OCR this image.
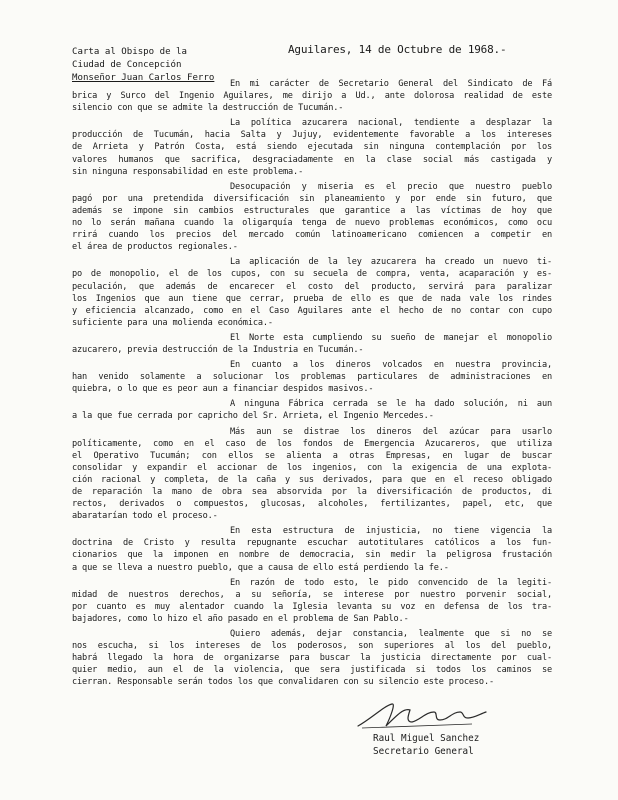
Aguilares, 14 de Octubre de 1968.-
Carta al Obispo de la
Ciudad de Concepción
Monseñor Juan Carlos Ferro
En mi carácter de Secretario General del Sindicato de Fá
brica y Surco del Ingenio Aguilares, me dirijo a Ud., ante dolorosa realidad de este
silencio con que se admite la destrucción de Tucumán.-
La política azucarera nacional, tendiente a desplazar la
producción de Tucumán, hacia Salta y Jujuy, evidentemente favorable a los intereses
de Arrieta y Patrón Costa, está siendo ejecutada sin ninguna contemplación por los
valores humanos que sacrifica, desgraciadamente en la clase social más castigada y
sin ninguna responsabilidad en este problema.-
Desocupación y miseria es el precio que nuestro pueblo
pagó por una pretendida diversificación sin planeamiento y por ende sin futuro, que
además se impone sin cambios estructurales que garantice a las víctimas de hoy que
no lo serán mañana cuando la oligarquía tenga de nuevo problemas económicos, como ocu
rrirá cuando los precios del mercado común latinoamericano comiencen a competir en
el área de productos regionales.-
La aplicación de la ley azucarera ha creado un nuevo ti-
po de monopolio, el de los cupos, con su secuela de compra, venta, acaparación y es-
peculación, que además de encarecer el costo del producto, servirá para paralizar
los Ingenios que aun tiene que cerrar, prueba de ello es que de nada vale los rindes
y eficiencia alcanzado, como en el Caso Aguilares ante el hecho de no contar con cupo
suficiente para una molienda económica.-
El Norte esta cumpliendo su sueño de manejar el monopolio
azucarero, previa destrucción de la Industria en Tucumán.-
En cuanto a los dineros volcados en nuestra provincia,
han venido solamente a solucionar los problemas particulares de administraciones en
quiebra, o lo que es peor aun a financiar despidos masivos.-
A ninguna Fábrica cerrada se le ha dado solución, ni aun
a la que fue cerrada por capricho del Sr. Arrieta, el Ingenio Mercedes.-
Más aun se distrae los dineros del azúcar para usarlo
políticamente, como en el caso de los fondos de Emergencia Azucareros, que utiliza
el Operativo Tucumán; con ellos se alienta a otras Empresas, en lugar de buscar
consolidar y expandir el accionar de los ingenios, con la exigencia de una explota-
ción racional y completa, de la caña y sus derivados, para que en el receso obligado
de reparación la mano de obra sea absorvida por la diversificación de productos, di
rectos, derivados o compuestos, glucosas, alcoholes, fertilizantes, papel, etc, que
abaratarían todo el proceso.-
En esta estructura de injusticia, no tiene vigencia la
doctrina de Cristo y resulta repugnante escuchar autotitulares católicos a los fun-
cionarios que la imponen en nombre de democracia, sin medir la peligrosa frustación
a que se lleva a nuestro pueblo, que a causa de ello está perdiendo la fe.-
En razón de todo esto, le pido convencido de la legiti-
midad de nuestros derechos, a su señoría, se interese por nuestro porvenir social,
por cuanto es muy alentador cuando la Iglesia levanta su voz en defensa de los tra-
bajadores, como lo hizo el año pasado en el problema de San Pablo.-
Quiero además, dejar constancia, lealmente que si no se
nos escucha, si los intereses de los poderosos, son superiores al los del pueblo,
habrá llegado la hora de organizarse para buscar la justicia directamente por cual-
quier medio, aun el de la violencia, que sera justificada si todos los caminos se
cierran. Responsable serán todos los que convalidaren con su silencio este proceso.-
Raul Miguel Sanchez
Secretario General
